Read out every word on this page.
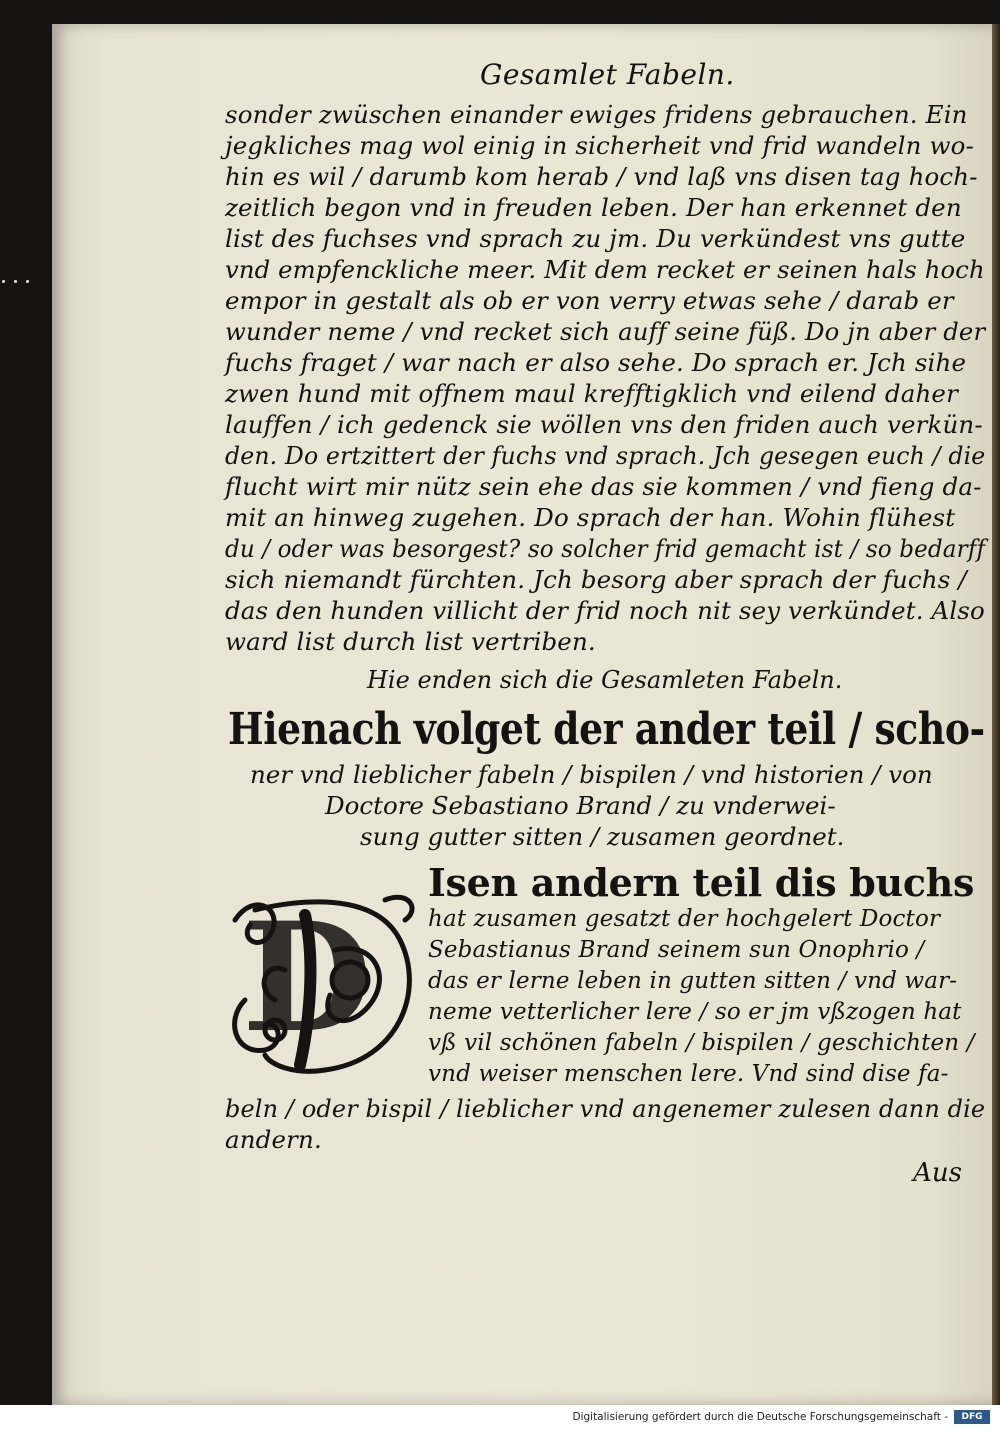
Gesamlet Fabeln.
sonder zwüschen einander ewiges fridens gebrauchen. Ein
jegkliches mag wol einig in sicherheit vnd frid wandeln wo-
hin es wil / darumb kom herab / vnd laß vns disen tag hoch-
zeitlich begon vnd in freuden leben. Der han erkennet den
list des fuchses vnd sprach zu jm. Du verkündest vns gutte
vnd empfenckliche meer. Mit dem recket er seinen hals hoch
empor in gestalt als ob er von verry etwas sehe / darab er
wunder neme / vnd recket sich auff seine füß. Do jn aber der
fuchs fraget / war nach er also sehe. Do sprach er. Jch sihe
zwen hund mit offnem maul krefftigklich vnd eilend daher
lauffen / ich gedenck sie wöllen vns den friden auch verkün-
den. Do ertzittert der fuchs vnd sprach. Jch gesegen euch / die
flucht wirt mir nütz sein ehe das sie kommen / vnd fieng da-
mit an hinweg zugehen. Do sprach der han. Wohin flühest
du / oder was besorgest? so solcher frid gemacht ist / so bedarff
sich niemandt fürchten. Jch besorg aber sprach der fuchs /
das den hunden villicht der frid noch nit sey verkündet. Also
ward list durch list vertriben.
Hie enden sich die Gesamleten Fabeln.
Hienach volget der ander teil / scho-
ner vnd lieblicher fabeln / bispilen / vnd historien / von
Doctore Sebastiano Brand / zu vnderwei-
sung gutter sitten / zusamen geordnet.
D
Isen andern teil dis buchs
hat zusamen gesatzt der hochgelert Doctor
Sebastianus Brand seinem sun Onophrio /
das er lerne leben in gutten sitten / vnd war-
neme vetterlicher lere / so er jm vßzogen hat
vß vil schönen fabeln / bispilen / geschichten /
vnd weiser menschen lere. Vnd sind dise fa-
beln / oder bispil / lieblicher vnd angenemer zulesen dann die
andern.
Aus
Digitalisierung gefördert durch die Deutsche Forschungsgemeinschaft -	DFG
